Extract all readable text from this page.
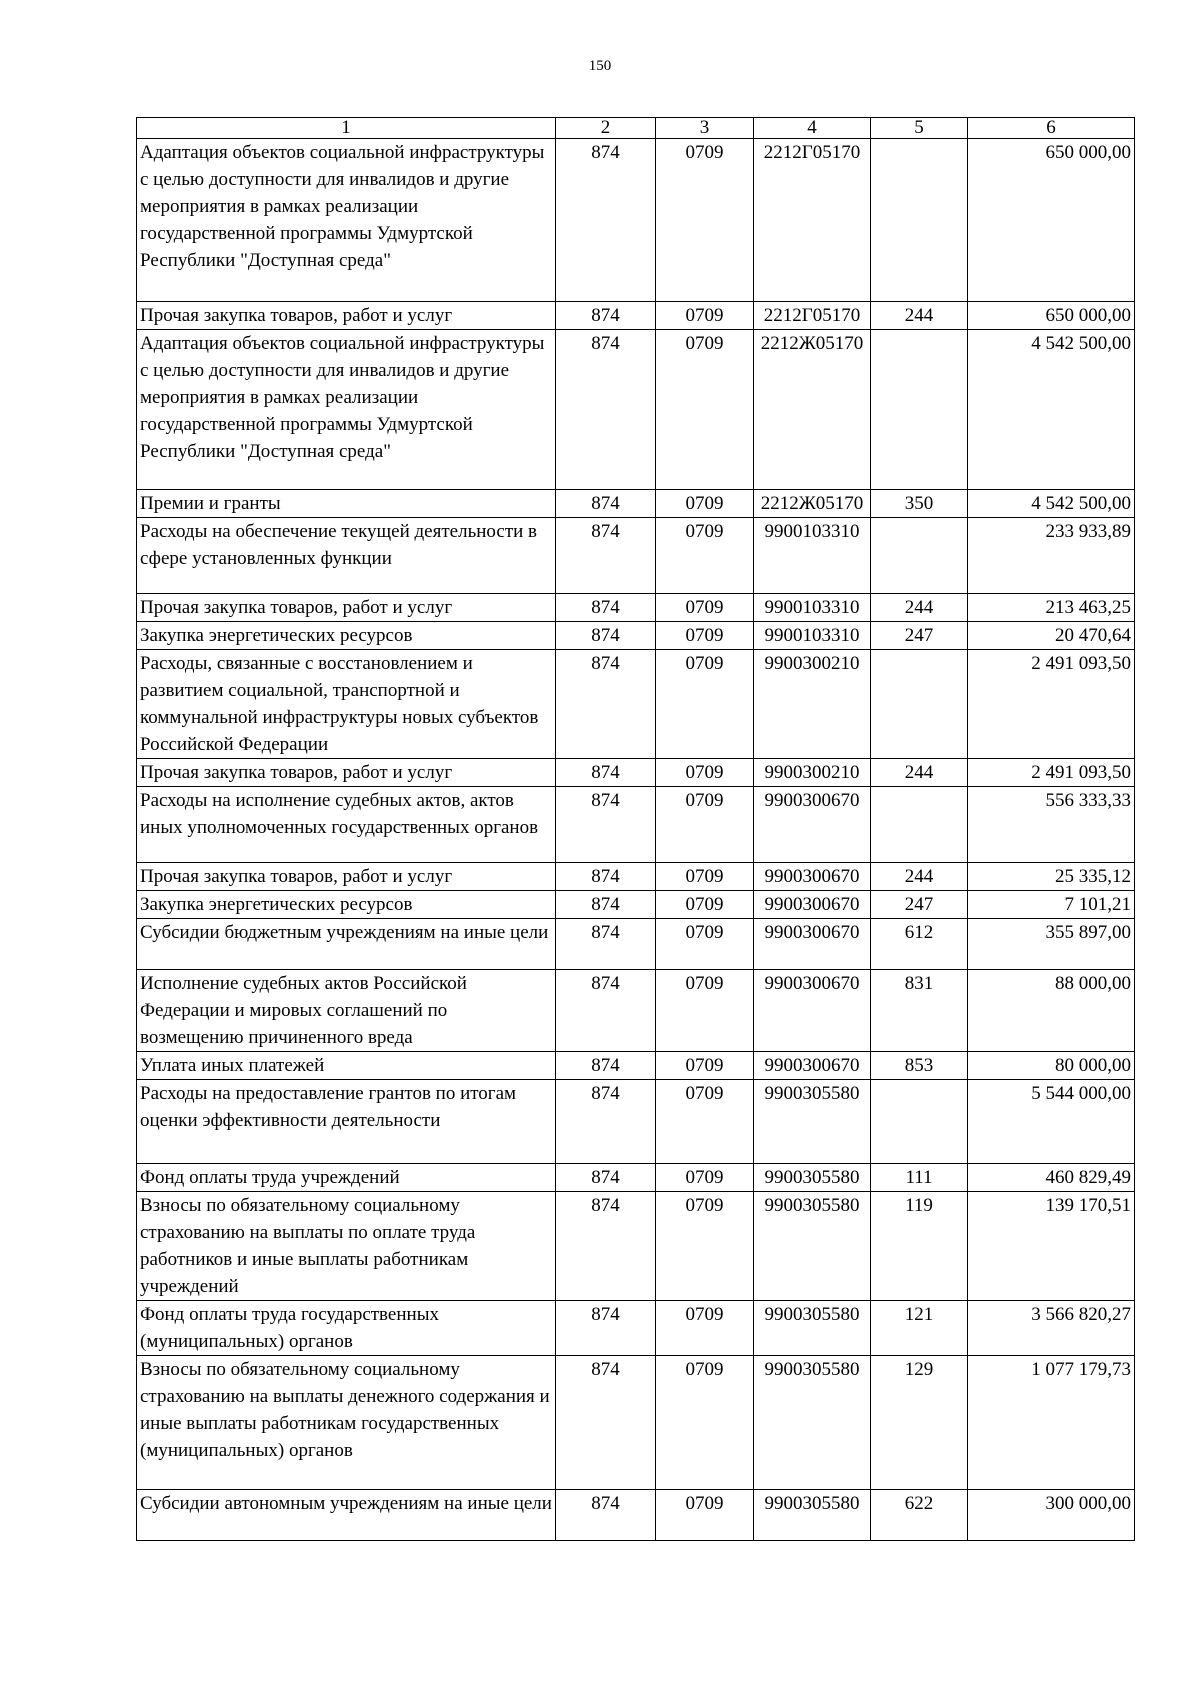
150
1	2	3	4	5	6
Адаптация объектов социальной инфраструктуры с целью доступности для инвалидов и другие мероприятия в рамках реализации государственной программы Удмуртской Республики "Доступная среда"	874	0709	2212Г05170		650 000,00
Прочая закупка товаров, работ и услуг	874	0709	2212Г05170	244	650 000,00
Адаптация объектов социальной инфраструктуры с целью доступности для инвалидов и другие мероприятия в рамках реализации государственной программы Удмуртской Республики "Доступная среда"	874	0709	2212Ж05170		4 542 500,00
Премии и гранты	874	0709	2212Ж05170	350	4 542 500,00
Расходы на обеспечение текущей деятельности в сфере установленных функции	874	0709	9900103310		233 933,89
Прочая закупка товаров, работ и услуг	874	0709	9900103310	244	213 463,25
Закупка энергетических ресурсов	874	0709	9900103310	247	20 470,64
Расходы, связанные с восстановлением и развитием социальной, транспортной и коммунальной инфраструктуры новых субъектов Российской Федерации	874	0709	9900300210		2 491 093,50
Прочая закупка товаров, работ и услуг	874	0709	9900300210	244	2 491 093,50
Расходы на исполнение судебных актов, актов иных уполномоченных государственных органов	874	0709	9900300670		556 333,33
Прочая закупка товаров, работ и услуг	874	0709	9900300670	244	25 335,12
Закупка энергетических ресурсов	874	0709	9900300670	247	7 101,21
Субсидии бюджетным учреждениям на иные цели	874	0709	9900300670	612	355 897,00
Исполнение судебных актов Российской Федерации и мировых соглашений по возмещению причиненного вреда	874	0709	9900300670	831	88 000,00
Уплата иных платежей	874	0709	9900300670	853	80 000,00
Расходы на предоставление грантов по итогам оценки эффективности деятельности	874	0709	9900305580		5 544 000,00
Фонд оплаты труда учреждений	874	0709	9900305580	111	460 829,49
Взносы по обязательному социальному страхованию на выплаты по оплате труда работников и иные выплаты работникам учреждений	874	0709	9900305580	119	139 170,51
Фонд оплаты труда государственных (муниципальных) органов	874	0709	9900305580	121	3 566 820,27
Взносы по обязательному социальному страхованию на выплаты денежного содержания и иные выплаты работникам государственных (муниципальных) органов	874	0709	9900305580	129	1 077 179,73
Субсидии автономным учреждениям на иные цели	874	0709	9900305580	622	300 000,00
